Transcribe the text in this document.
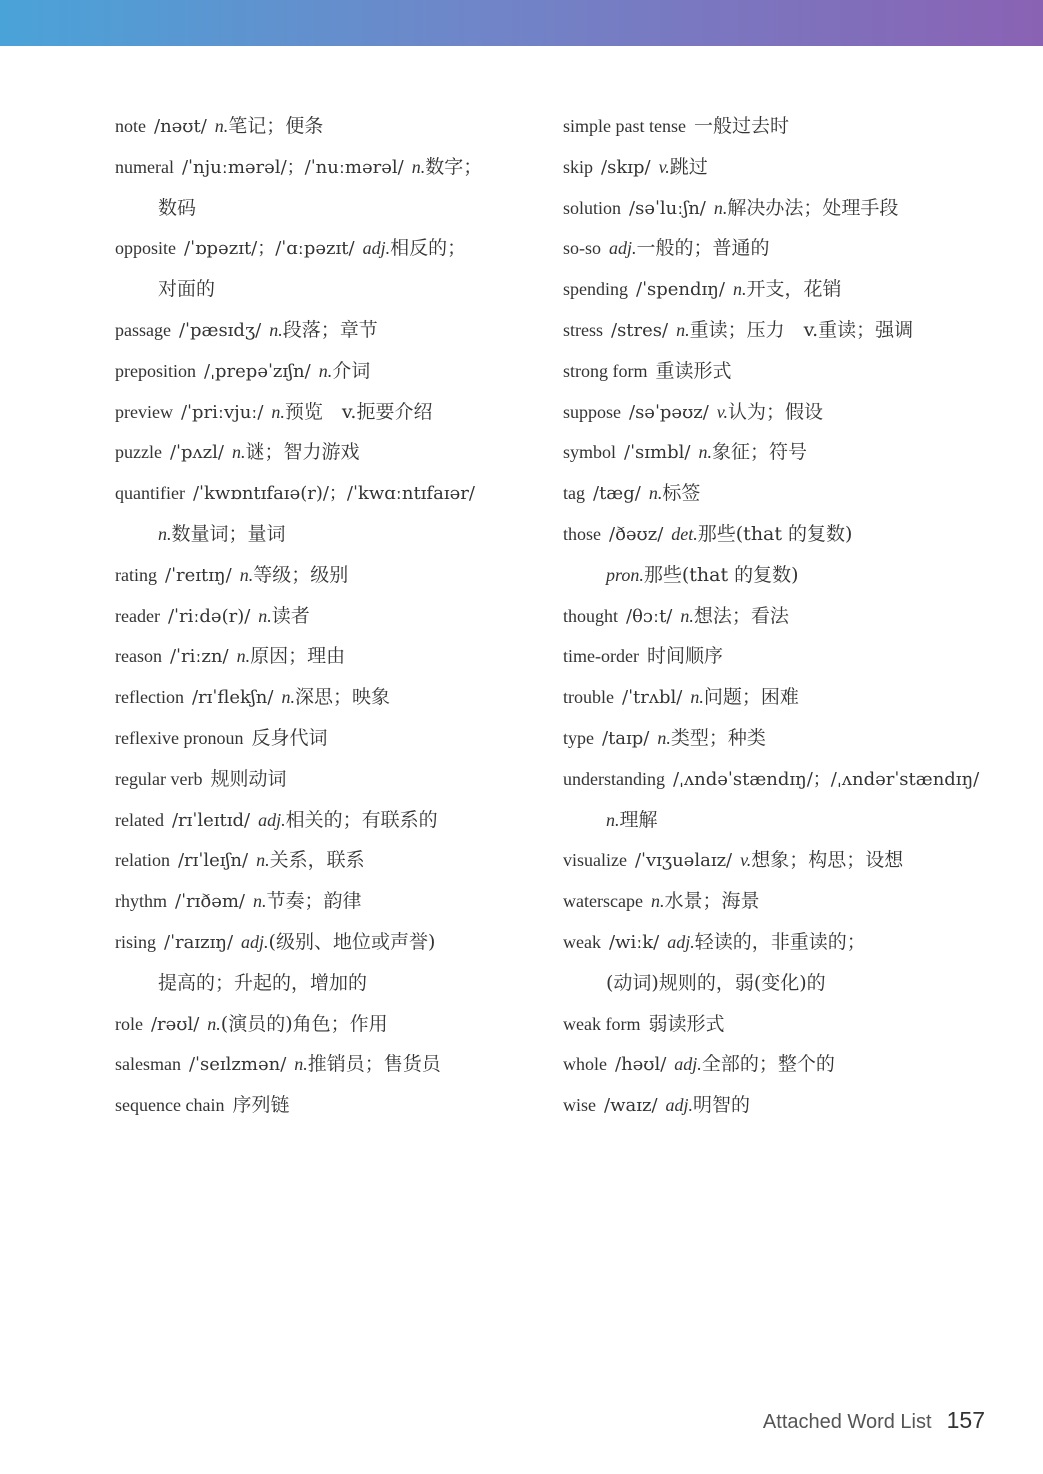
note /nəʊt/ n.笔记；便条
numeral /ˈnjuːmərəl/；/ˈnuːmərəl/ n.数字；
数码
opposite /ˈɒpəzɪt/；/ˈɑːpəzɪt/ adj.相反的；
对面的
passage /ˈpæsɪdʒ/ n.段落；章节
preposition /ˌprepəˈzɪʃn/ n.介词
preview /ˈpriːvjuː/ n.预览　v.扼要介绍
puzzle /ˈpʌzl/ n.谜；智力游戏
quantifier /ˈkwɒntɪfaɪə(r)/；/ˈkwɑːntɪfaɪər/
n.数量词；量词
rating /ˈreɪtɪŋ/ n.等级；级别
reader /ˈriːdə(r)/ n.读者
reason /ˈriːzn/ n.原因；理由
reflection /rɪˈflekʃn/ n.深思；映象
reflexive pronoun 反身代词
regular verb 规则动词
related /rɪˈleɪtɪd/ adj.相关的；有联系的
relation /rɪˈleɪʃn/ n.关系，联系
rhythm /ˈrɪðəm/ n.节奏；韵律
rising /ˈraɪzɪŋ/ adj.(级别、地位或声誉)
提高的；升起的，增加的
role /rəʊl/ n.(演员的)角色；作用
salesman /ˈseɪlzmən/ n.推销员；售货员
sequence chain 序列链
simple past tense 一般过去时
skip /skɪp/ v.跳过
solution /səˈluːʃn/ n.解决办法；处理手段
so-so adj.一般的；普通的
spending /ˈspendɪŋ/ n.开支，花销
stress /stres/ n.重读；压力　v.重读；强调
strong form 重读形式
suppose /səˈpəʊz/ v.认为；假设
symbol /ˈsɪmbl/ n.象征；符号
tag /tæg/ n.标签
those /ðəʊz/ det.那些(that 的复数)
pron.那些(that 的复数)
thought /θɔːt/ n.想法；看法
time-order 时间顺序
trouble /ˈtrʌbl/ n.问题；困难
type /taɪp/ n.类型；种类
understanding /ˌʌndəˈstændɪŋ/；/ˌʌndərˈstændɪŋ/
n.理解
visualize /ˈvɪʒuəlaɪz/ v.想象；构思；设想
waterscape n.水景；海景
weak /wiːk/ adj.轻读的，非重读的；
(动词)规则的，弱(变化)的
weak form 弱读形式
whole /həʊl/ adj.全部的；整个的
wise /waɪz/ adj.明智的
Attached Word List 157
